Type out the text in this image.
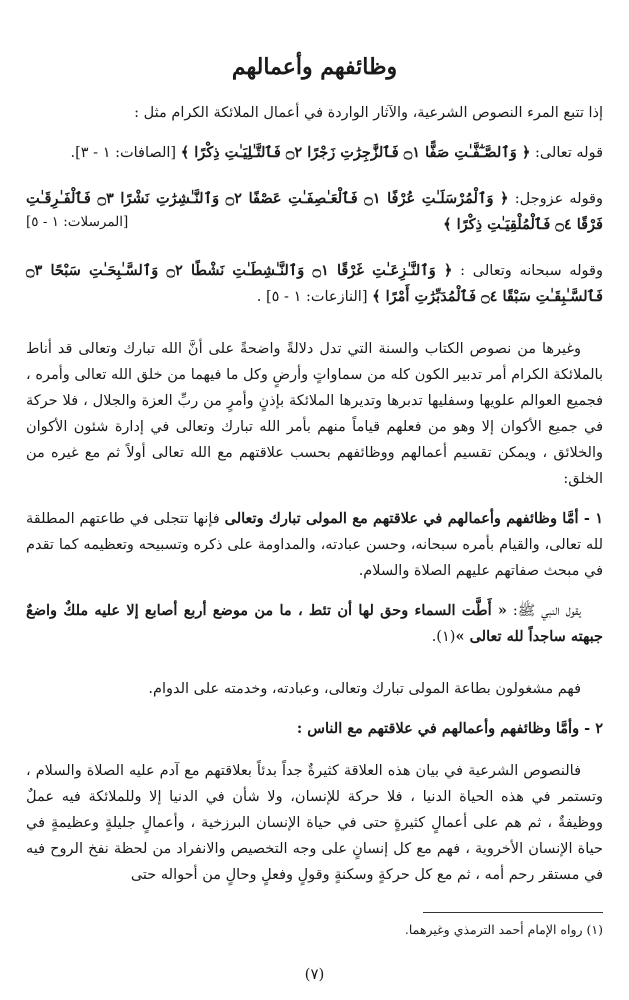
وظائفهم وأعمالهم

إذا تتبع المرء النصوص الشرعية، والآثار الواردة في أعمال الملائكة الكرام مثل :

قوله تعالى: ﴿ وَٱلصَّـٰٓفَّـٰتِ صَفًّا ۝١ فَٱلزَّٰجِرَٰتِ زَجْرًا ۝٢ فَٱلتَّـٰلِيَـٰتِ ذِكْرًا ﴾ [الصافات: ١ - ٣].

وقوله عزوجل: ﴿ وَٱلْمُرْسَلَـٰتِ عُرْفًا ۝١ فَٱلْعَـٰصِفَـٰتِ عَصْفًا ۝٢ وَٱلنَّـٰشِرَٰتِ نَشْرًا ۝٣ فَٱلْفَـٰرِقَـٰتِ فَرْقًا ۝٤ فَٱلْمُلْقِيَـٰتِ ذِكْرًا ﴾

[المرسلات: ١ - ٥]

وقوله سبحانه وتعالى : ﴿ وَٱلنَّـٰزِعَـٰتِ غَرْقًا ۝١ وَٱلنَّـٰشِطَـٰتِ نَشْطًا ۝٢ وَٱلسَّـٰبِحَـٰتِ سَبْحًا ۝٣ فَٱلسَّـٰبِقَـٰتِ سَبْقًا ۝٤ فَٱلْمُدَبِّرَٰتِ أَمْرًا ﴾ [النازعات: ١ - ٥] .

وغيرها من نصوص الكتاب والسنة التي تدل دلالةً واضحةً على أنَّ الله تبارك وتعالى قد أناط بالملائكة الكرام أمر تدبير الكون كله من سماواتٍ وأرضٍ وكل ما فيهما من خلق الله تعالى وأمره ، فجميع العوالم علويها وسفليها تدبرها وتديرها الملائكة بإذنٍ وأمرٍ من ربِّ العزة والجلال ، فلا حركة في جميع الأكوان إلا وهو من فعلهم قياماً منهم بأمر الله تبارك وتعالى في إدارة شئون الأكوان والخلائق ، ويمكن تقسيم أعمالهم ووظائفهم بحسب علاقتهم مع الله تعالى أولاً ثم مع غيره من الخلق:

١ - أمَّا وظائفهم وأعمالهم في علاقتهم مع المولى تبارك وتعالى فإنها تتجلى في طاعتهم المطلقة لله تعالى، والقيام بأمره سبحانه، وحسن عبادته، والمداومة على ذكره وتسبيحه وتعظيمه كما تقدم في مبحث صفاتهم عليهم الصلاة والسلام.

يقول النبي ﷺ: « أَطَّت السماء وحق لها أن تئط ، ما من موضع أربع أصابع إلا عليه ملكٌ واضعٌ جبهته ساجداً لله تعالى »(١).

فهم مشغولون بطاعة المولى تبارك وتعالى، وعبادته، وخدمته على الدوام.

٢ - وأمَّا وظائفهم وأعمالهم في علاقتهم مع الناس :

فالنصوص الشرعية في بيان هذه العلاقة كثيرةٌ جداً بدئاً بعلاقتهم مع آدم عليه الصلاة والسلام ، وتستمر في هذه الحياة الدنيا ، فلا حركة للإنسان، ولا شأن في الدنيا إلا وللملائكة فيه عملٌ ووظيفةٌ ، ثم هم على أعمالٍ كثيرةٍ حتى في حياة الإنسان البرزخية ، وأعمالٍ جليلةٍ وعظيمةٍ في حياة الإنسان الأخروية ، فهم مع كل إنسانٍ على وجه التخصيص والانفراد من لحظة نفخ الروح فيه في مستقر رحم أمه ، ثم مع كل حركةٍ وسكنةٍ وقولٍ وفعلٍ وحالٍ من أحواله حتى

(١) رواه الإمام أحمد الترمذي وغيرهما.

(٧)
